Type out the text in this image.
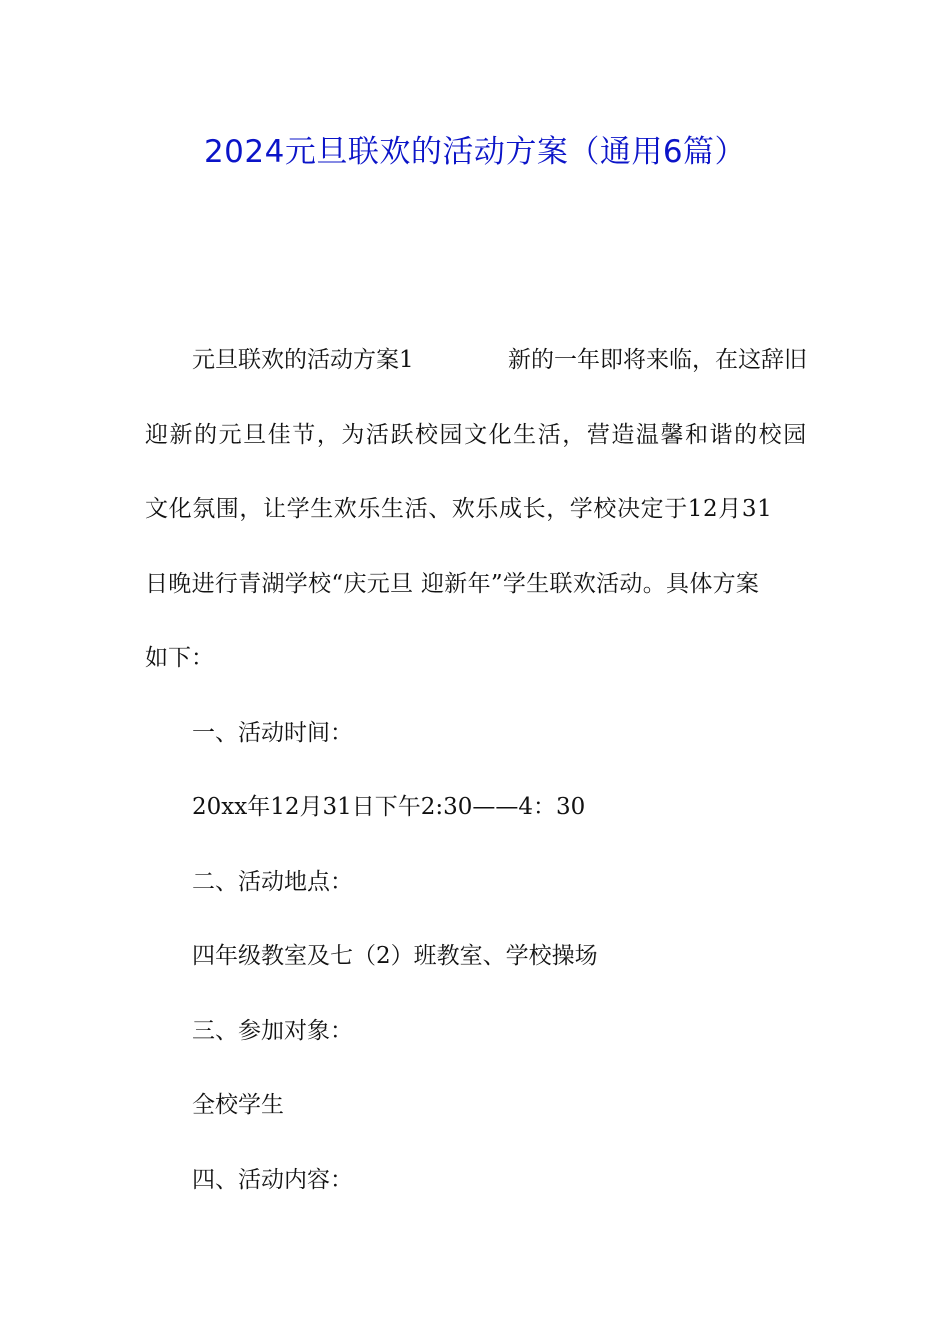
2024元旦联欢的活动方案（通用6篇）
元旦联欢的活动方案1	新的一年即将来临，在这辞旧
迎新的元旦佳节，为活跃校园文化生活，营造温馨和谐的校园
文化氛围，让学生欢乐生活、欢乐成长，学校决定于12月31
日晚进行青湖学校“庆元旦 迎新年”学生联欢活动。具体方案
如下：
一、活动时间：
20xx年12月31日下午2:30——4：30
二、活动地点：
四年级教室及七（2）班教室、学校操场
三、参加对象：
全校学生
四、活动内容：
